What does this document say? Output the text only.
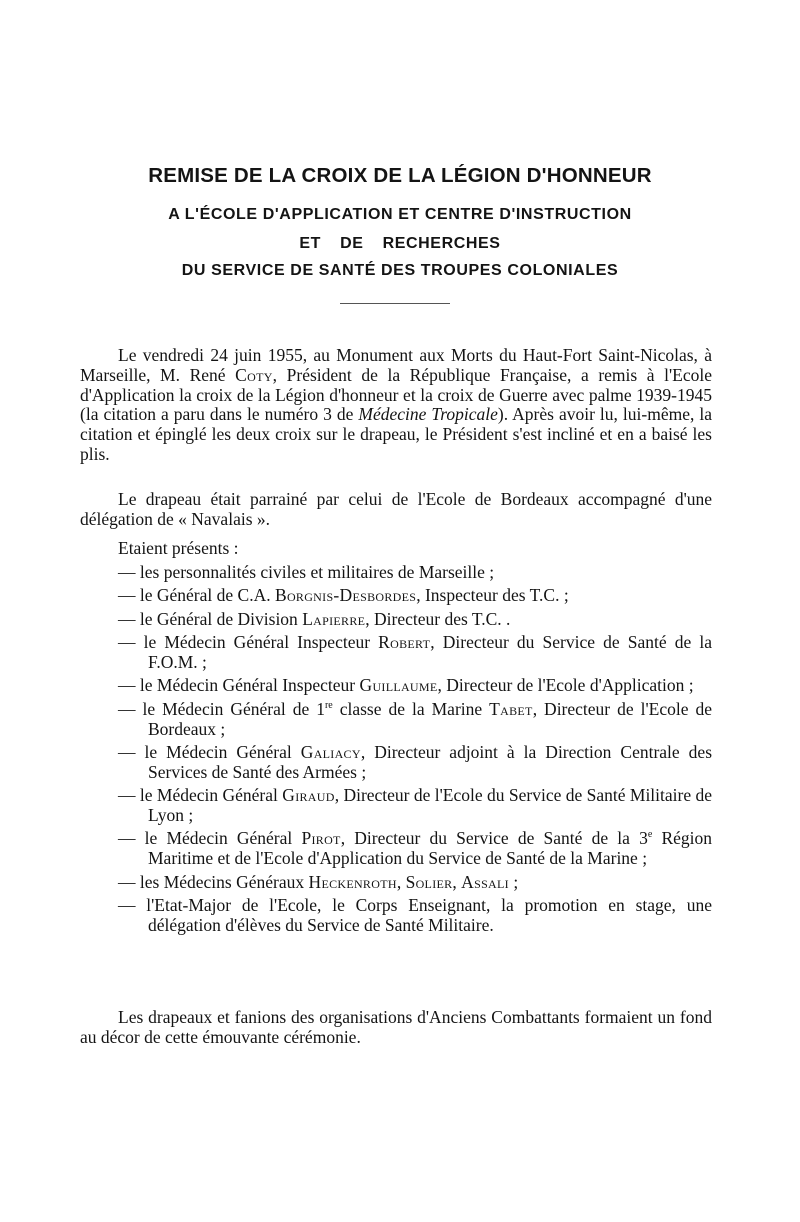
REMISE DE LA CROIX DE LA LÉGION D'HONNEUR
A L'ÉCOLE D'APPLICATION ET CENTRE D'INSTRUCTION
ET DE RECHERCHES
DU SERVICE DE SANTÉ DES TROUPES COLONIALES

Le vendredi 24 juin 1955, au Monument aux Morts du Haut-Fort Saint-Nicolas, à Marseille, M. René Coty, Président de la République Française, a remis à l'Ecole d'Application la croix de la Légion d'honneur et la croix de Guerre avec palme 1939-1945 (la citation a paru dans le numéro 3 de Médecine Tropicale). Après avoir lu, lui-même, la citation et épinglé les deux croix sur le drapeau, le Président s'est incliné et en a baisé les plis.

Le drapeau était parrainé par celui de l'Ecole de Bordeaux accompagné d'une délégation de « Navalais ».

Etaient présents :

— les personnalités civiles et militaires de Marseille ;
— le Général de C.A. Borgnis-Desbordes, Inspecteur des T.C. ;
— le Général de Division Lapierre, Directeur des T.C. .
— le Médecin Général Inspecteur Robert, Directeur du Service de Santé de la F.O.M. ;
— le Médecin Général Inspecteur Guillaume, Directeur de l'Ecole d'Application ;
— le Médecin Général de 1re classe de la Marine Tabet, Directeur de l'Ecole de Bordeaux ;
— le Médecin Général Galiacy, Directeur adjoint à la Direction Centrale des Services de Santé des Armées ;
— le Médecin Général Giraud, Directeur de l'Ecole du Service de Santé Militaire de Lyon ;
— le Médecin Général Pirot, Directeur du Service de Santé de la 3e Région Maritime et de l'Ecole d'Application du Service de Santé de la Marine ;
— les Médecins Généraux Heckenroth, Solier, Assali ;
— l'Etat-Major de l'Ecole, le Corps Enseignant, la promotion en stage, une délégation d'élèves du Service de Santé Militaire.

Les drapeaux et fanions des organisations d'Anciens Combattants formaient un fond au décor de cette émouvante cérémonie.
